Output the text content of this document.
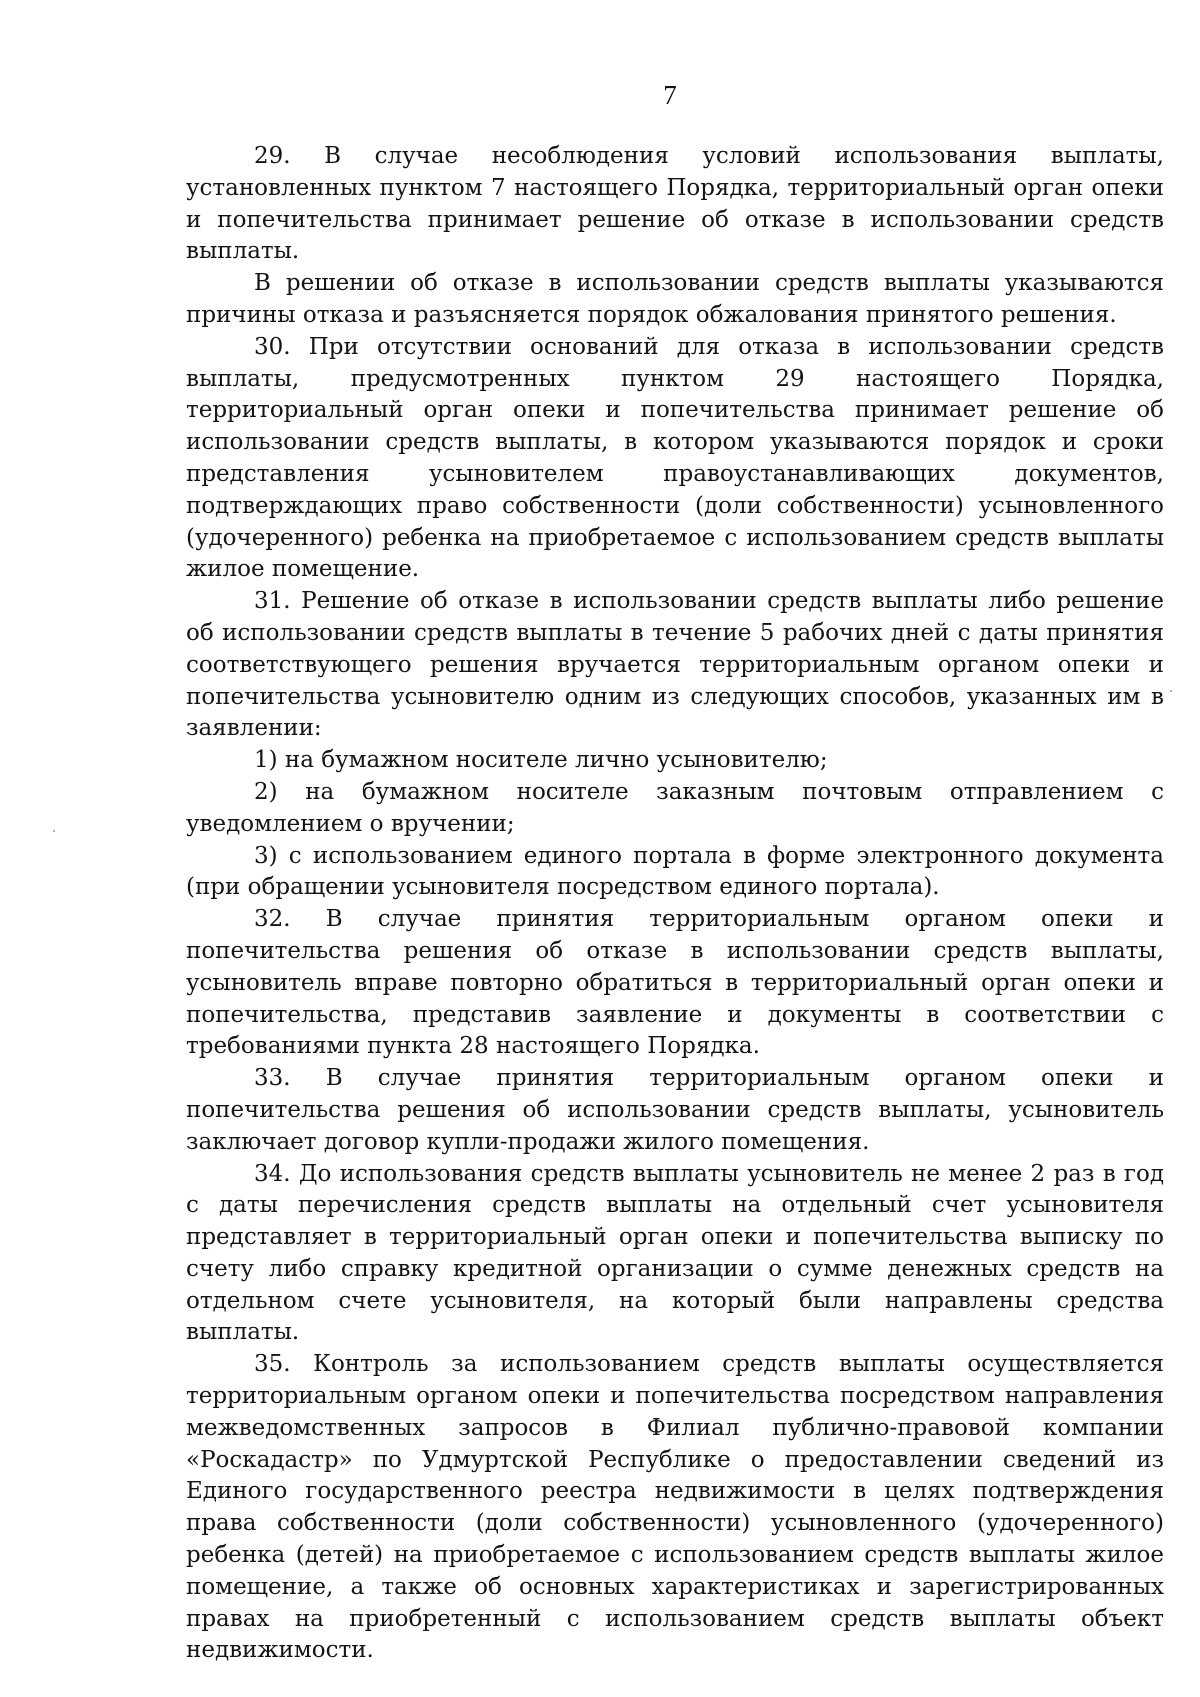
7

29. В случае несоблюдения условий использования выплаты, установленных пунктом 7 настоящего Порядка, территориальный орган опеки и попечительства принимает решение об отказе в использовании средств выплаты.

В решении об отказе в использовании средств выплаты указываются причины отказа и разъясняется порядок обжалования принятого решения.

30. При отсутствии оснований для отказа в использовании средств выплаты, предусмотренных пунктом 29 настоящего Порядка, территориальный орган опеки и попечительства принимает решение об использовании средств выплаты, в котором указываются порядок и сроки представления усыновителем правоустанавливающих документов, подтверждающих право собственности (доли собственности) усыновленного (удочеренного) ребенка на приобретаемое с использованием средств выплаты жилое помещение.

31. Решение об отказе в использовании средств выплаты либо решение об использовании средств выплаты в течение 5 рабочих дней с даты принятия соответствующего решения вручается территориальным органом опеки и попечительства усыновителю одним из следующих способов, указанных им в заявлении:

1) на бумажном носителе лично усыновителю;

2) на бумажном носителе заказным почтовым отправлением с уведомлением о вручении;

3) с использованием единого портала в форме электронного документа (при обращении усыновителя посредством единого портала).

32. В случае принятия территориальным органом опеки и попечительства решения об отказе в использовании средств выплаты, усыновитель вправе повторно обратиться в территориальный орган опеки и попечительства, представив заявление и документы в соответствии с требованиями пункта 28 настоящего Порядка.

33. В случае принятия территориальным органом опеки и попечительства решения об использовании средств выплаты, усыновитель заключает договор купли-продажи жилого помещения.

34. До использования средств выплаты усыновитель не менее 2 раз в год с даты перечисления средств выплаты на отдельный счет усыновителя представляет в территориальный орган опеки и попечительства выписку по счету либо справку кредитной организации о сумме денежных средств на отдельном счете усыновителя, на который были направлены средства выплаты.

35. Контроль за использованием средств выплаты осуществляется территориальным органом опеки и попечительства посредством направления межведомственных запросов в Филиал публично-правовой компании «Роскадастр» по Удмуртской Республике о предоставлении сведений из Единого государственного реестра недвижимости в целях подтверждения права собственности (доли собственности) усыновленного (удочеренного) ребенка (детей) на приобретаемое с использованием средств выплаты жилое помещение, а также об основных характеристиках и зарегистрированных правах на приобретенный с использованием средств выплаты объект недвижимости.
